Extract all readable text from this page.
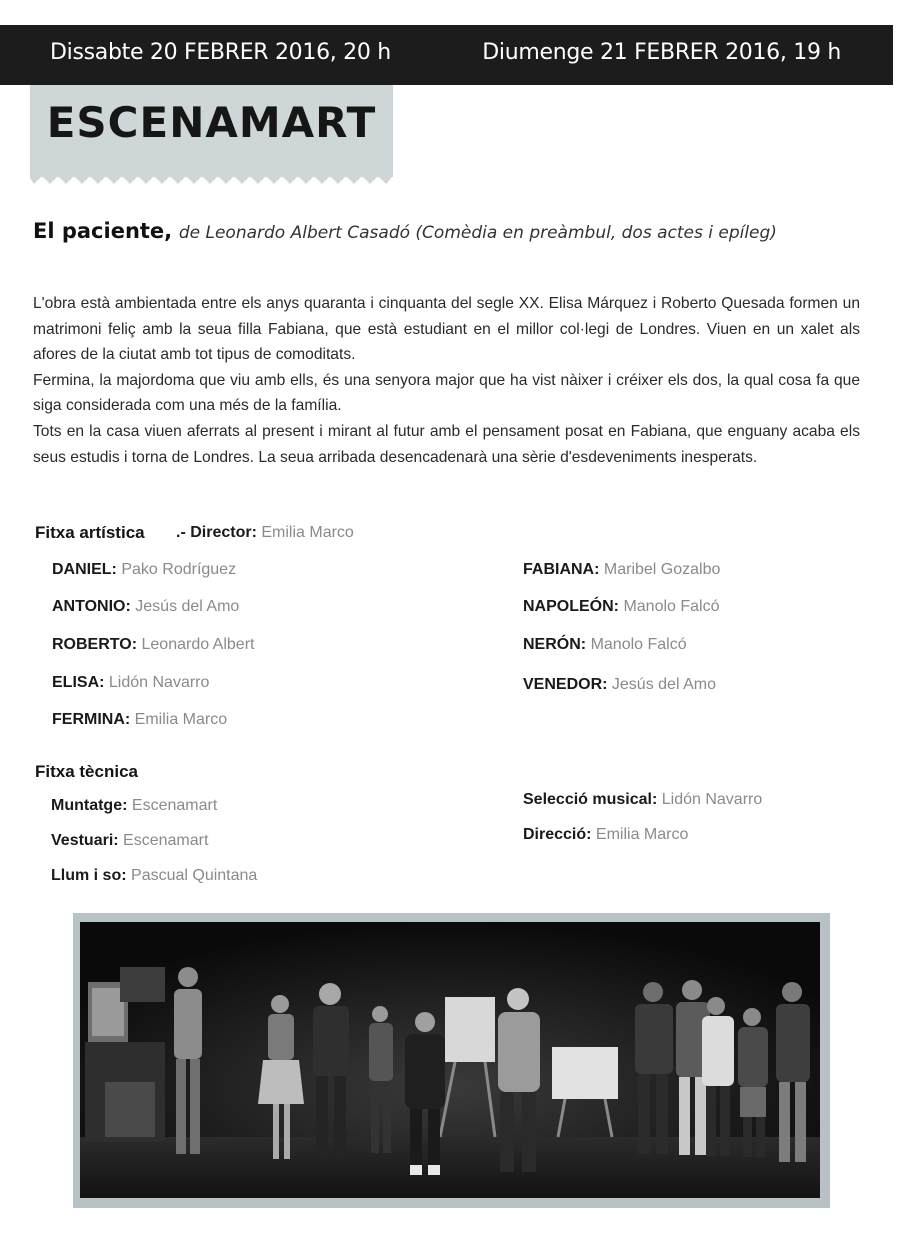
Dissabte 20 FEBRER 2016, 20 h	Diumenge 21 FEBRER 2016, 19 h
ESCENAMART
El paciente, de Leonardo Albert Casadó (Comèdia en preàmbul, dos actes i epíleg)

L'obra està ambientada entre els anys quaranta i cinquanta del segle XX. Elisa Márquez i Roberto Quesada formen un matrimoni feliç amb la seua filla Fabiana, que està estudiant en el millor col·legi de Londres. Viuen en un xalet als afores de la ciutat amb tot tipus de comoditats.

Fermina, la majordoma que viu amb ells, és una senyora major que ha vist nàixer i créixer els dos, la qual cosa fa que siga considerada com una més de la família.

Tots en la casa viuen aferrats al present i mirant al futur amb el pensament posat en Fabiana, que enguany acaba els seus estudis i torna de Londres. La seua arribada desencadenarà una sèrie d'esdeveniments inesperats.

Fitxa artística .- Director: Emilia Marco
DANIEL: Pako Rodríguez
ANTONIO: Jesús del Amo
ROBERTO: Leonardo Albert
ELISA: Lidón Navarro
FERMINA: Emilia Marco
FABIANA: Maribel Gozalbo
NAPOLEÓN: Manolo Falcó
NERÓN: Manolo Falcó
VENEDOR: Jesús del Amo
Fitxa tècnica
Muntatge: Escenamart
Vestuari: Escenamart
Llum i so: Pascual Quintana
Selecció musical: Lidón Navarro
Direcció: Emilia Marco
